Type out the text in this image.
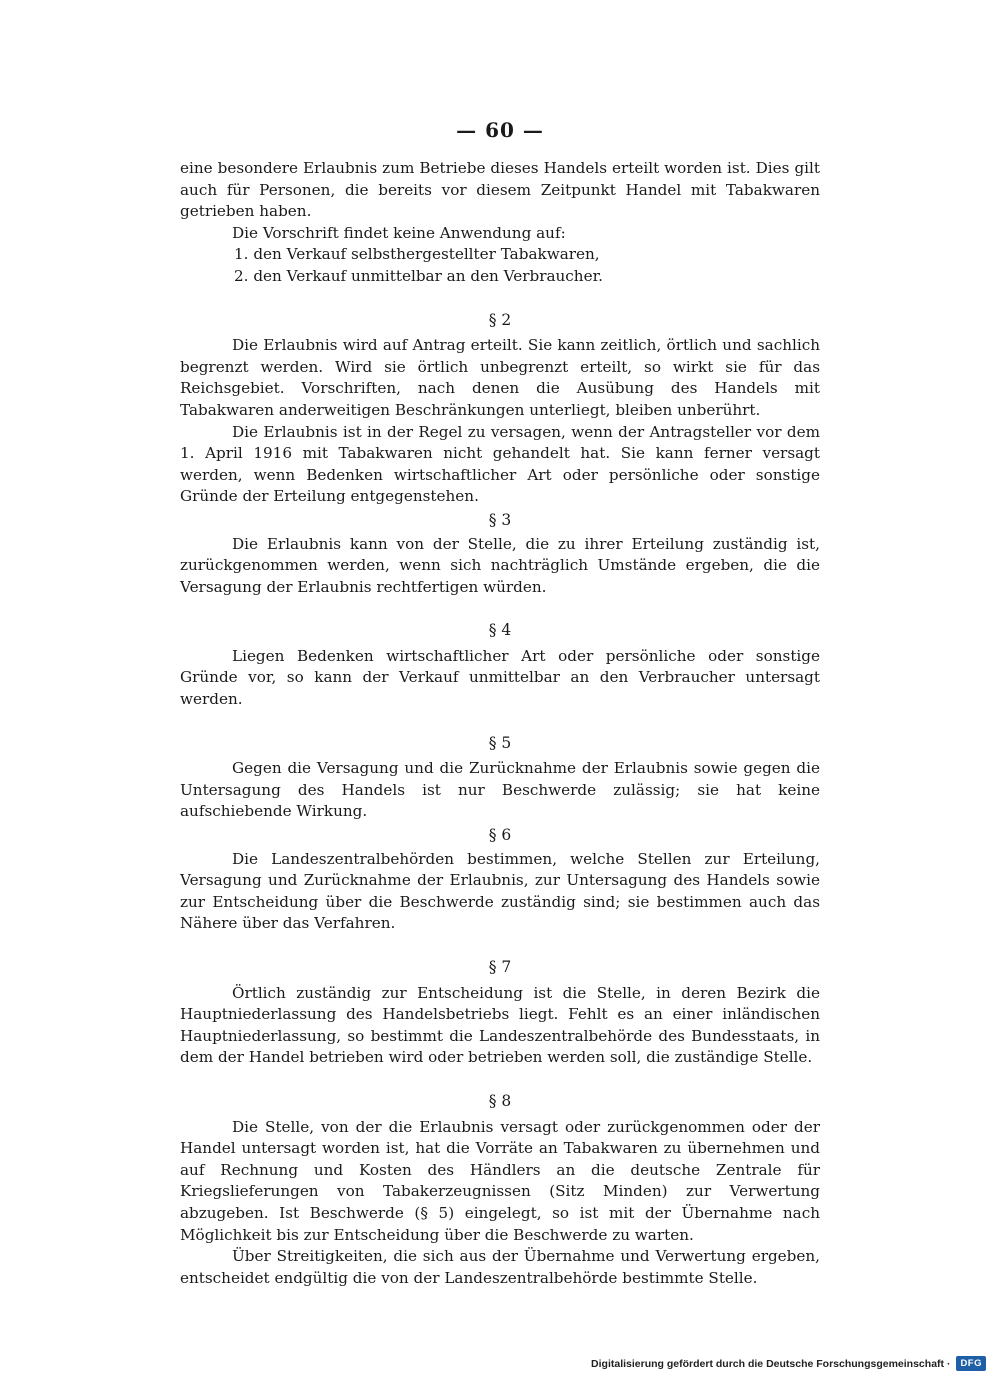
— 60 —

eine besondere Erlaubnis zum Betriebe dieses Handels erteilt worden ist. Dies gilt auch für Personen, die bereits vor diesem Zeitpunkt Handel mit Tabakwaren getrieben haben.

Die Vorschrift findet keine Anwendung auf:

1. den Verkauf selbsthergestellter Tabakwaren,
2. den Verkauf unmittelbar an den Verbraucher.
§ 2

Die Erlaubnis wird auf Antrag erteilt. Sie kann zeitlich, örtlich und sachlich begrenzt werden. Wird sie örtlich unbegrenzt erteilt, so wirkt sie für das Reichsgebiet. Vorschriften, nach denen die Ausübung des Handels mit Tabakwaren anderweitigen Beschränkungen unterliegt, bleiben unberührt.

Die Erlaubnis ist in der Regel zu versagen, wenn der Antragsteller vor dem 1. April 1916 mit Tabakwaren nicht gehandelt hat. Sie kann ferner versagt werden, wenn Bedenken wirtschaftlicher Art oder persönliche oder sonstige Gründe der Erteilung entgegenstehen.

§ 3

Die Erlaubnis kann von der Stelle, die zu ihrer Erteilung zuständig ist, zurückgenommen werden, wenn sich nachträglich Umstände ergeben, die die Versagung der Erlaubnis rechtfertigen würden.

§ 4

Liegen Bedenken wirtschaftlicher Art oder persönliche oder sonstige Gründe vor, so kann der Verkauf unmittelbar an den Verbraucher untersagt werden.

§ 5

Gegen die Versagung und die Zurücknahme der Erlaubnis sowie gegen die Untersagung des Handels ist nur Beschwerde zulässig; sie hat keine aufschiebende Wirkung.

§ 6

Die Landeszentralbehörden bestimmen, welche Stellen zur Erteilung, Versagung und Zurücknahme der Erlaubnis, zur Untersagung des Handels sowie zur Entscheidung über die Beschwerde zuständig sind; sie bestimmen auch das Nähere über das Verfahren.

§ 7

Örtlich zuständig zur Entscheidung ist die Stelle, in deren Bezirk die Hauptniederlassung des Handelsbetriebs liegt. Fehlt es an einer inländischen Hauptniederlassung, so bestimmt die Landeszentralbehörde des Bundesstaats, in dem der Handel betrieben wird oder betrieben werden soll, die zuständige Stelle.

§ 8

Die Stelle, von der die Erlaubnis versagt oder zurückgenommen oder der Handel untersagt worden ist, hat die Vorräte an Tabakwaren zu übernehmen und auf Rechnung und Kosten des Händlers an die deutsche Zentrale für Kriegslieferungen von Tabakerzeugnissen (Sitz Minden) zur Verwertung abzugeben. Ist Beschwerde (§ 5) eingelegt, so ist mit der Übernahme nach Möglichkeit bis zur Entscheidung über die Beschwerde zu warten.

Über Streitigkeiten, die sich aus der Übernahme und Verwertung ergeben, entscheidet endgültig die von der Landeszentralbehörde bestimmte Stelle.

Digitalisierung gefördert durch die Deutsche Forschungsgemeinschaft ·	DFG
